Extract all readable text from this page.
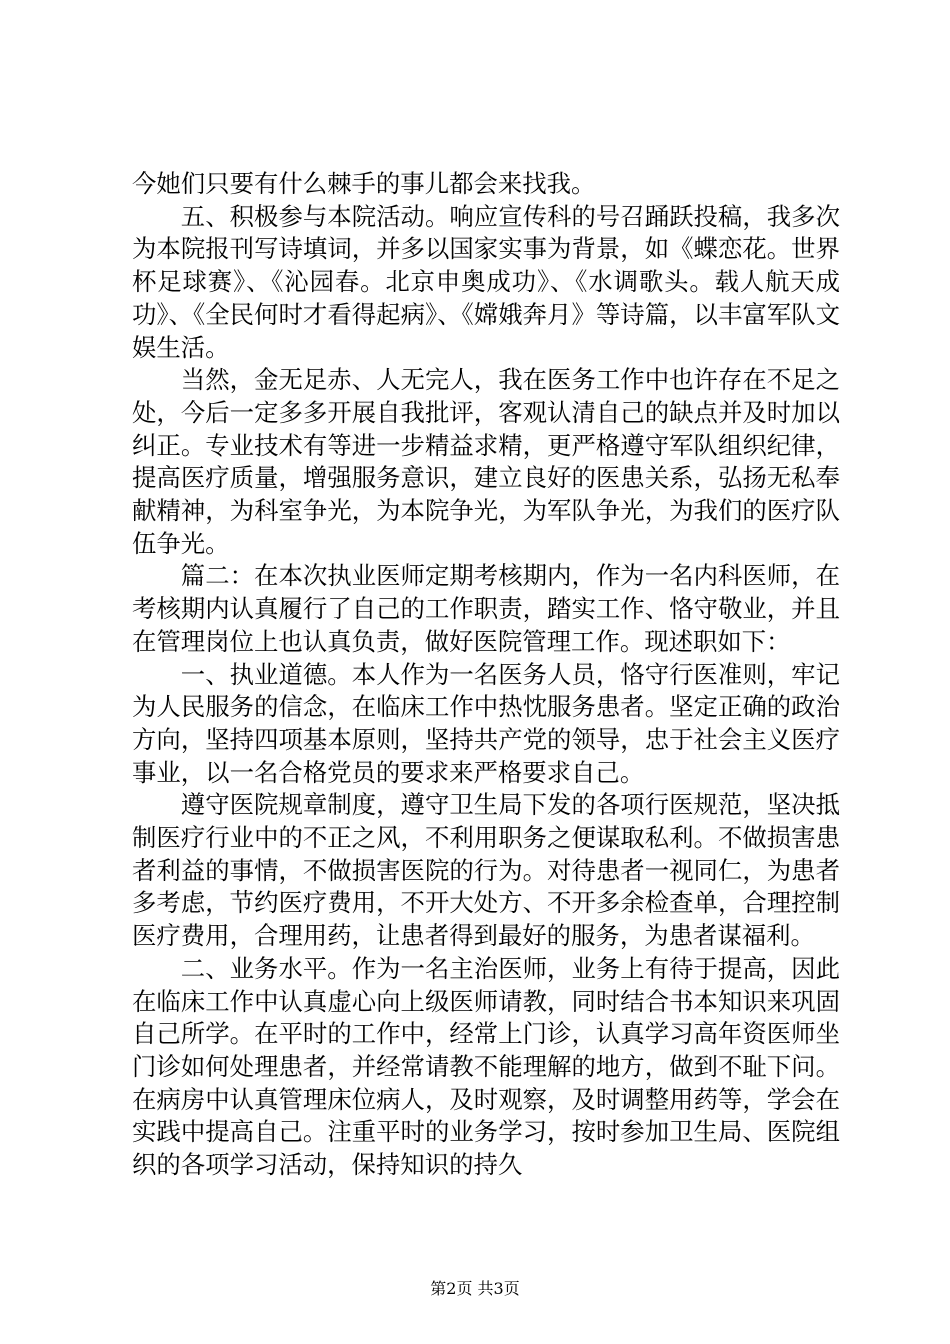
今她们只要有什么棘手的事儿都会来找我。

五、积极参与本院活动。响应宣传科的号召踊跃投稿，我多次为本院报刊写诗填词，并多以国家实事为背景，如《蝶恋花。世界杯足球赛》、《沁园春。北京申奥成功》、《水调歌头。载人航天成功》、《全民何时才看得起病》、《嫦娥奔月》等诗篇，以丰富军队文娱生活。

当然，金无足赤、人无完人，我在医务工作中也许存在不足之处，今后一定多多开展自我批评，客观认清自己的缺点并及时加以纠正。专业技术有等进一步精益求精，更严格遵守军队组织纪律，提高医疗质量，增强服务意识，建立良好的医患关系，弘扬无私奉献精神，为科室争光，为本院争光，为军队争光，为我们的医疗队伍争光。

篇二：在本次执业医师定期考核期内，作为一名内科医师，在考核期内认真履行了自己的工作职责，踏实工作、恪守敬业，并且在管理岗位上也认真负责，做好医院管理工作。现述职如下：

一、执业道德。本人作为一名医务人员，恪守行医准则，牢记为人民服务的信念，在临床工作中热忱服务患者。坚定正确的政治方向，坚持四项基本原则，坚持共产党的领导，忠于社会主义医疗事业，以一名合格党员的要求来严格要求自己。

遵守医院规章制度，遵守卫生局下发的各项行医规范，坚决抵制医疗行业中的不正之风，不利用职务之便谋取私利。不做损害患者利益的事情，不做损害医院的行为。对待患者一视同仁，为患者多考虑，节约医疗费用，不开大处方、不开多余检查单，合理控制医疗费用，合理用药，让患者得到最好的服务，为患者谋福利。

二、业务水平。作为一名主治医师，业务上有待于提高，因此在临床工作中认真虚心向上级医师请教，同时结合书本知识来巩固自己所学。在平时的工作中，经常上门诊，认真学习高年资医师坐门诊如何处理患者，并经常请教不能理解的地方，做到不耻下问。在病房中认真管理床位病人，及时观察，及时调整用药等，学会在实践中提高自己。注重平时的业务学习，按时参加卫生局、医院组织的各项学习活动，保持知识的持久

第2页 共3页
